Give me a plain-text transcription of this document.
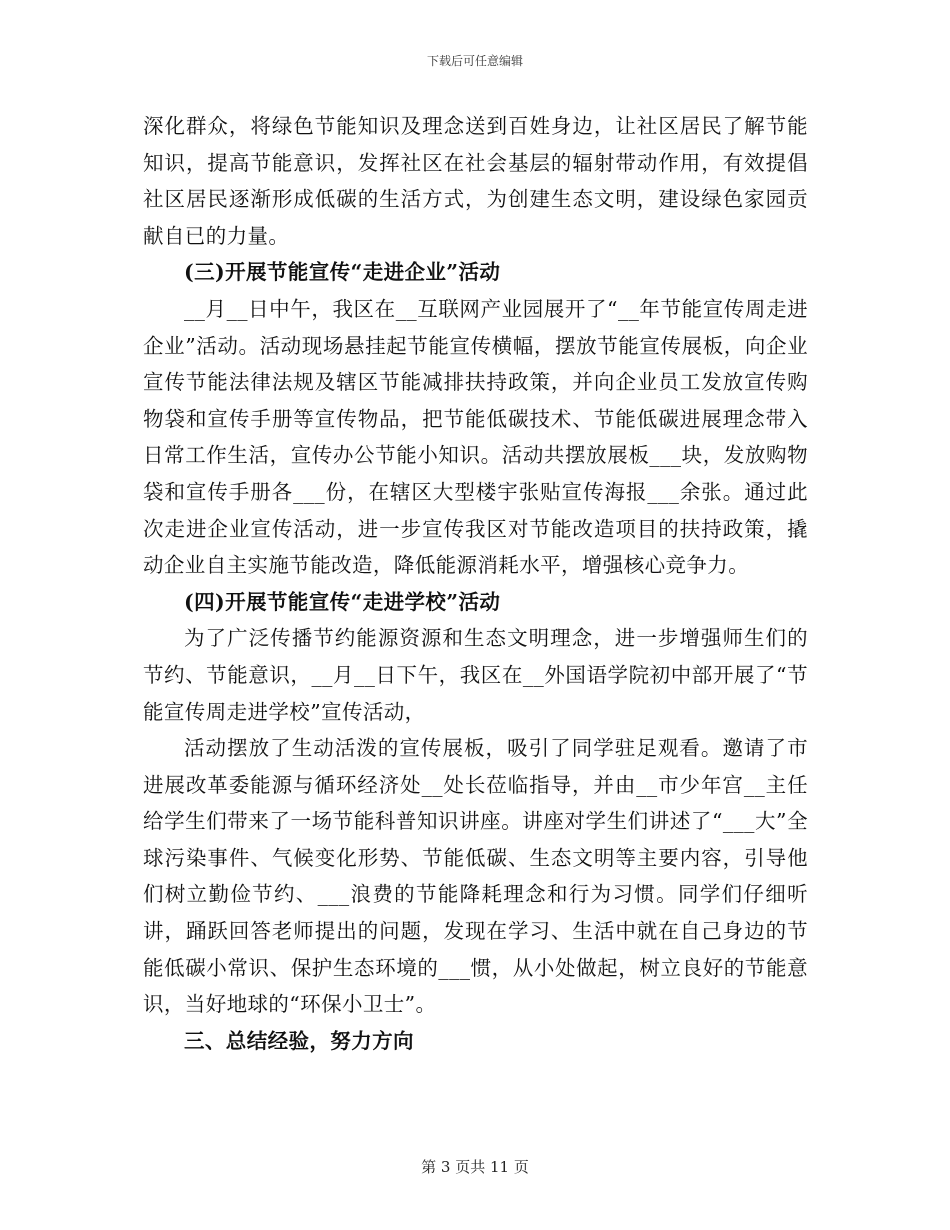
下载后可任意编辑

深化群众，将绿色节能知识及理念送到百姓身边，让社区居民了解节能知识，提高节能意识，发挥社区在社会基层的辐射带动作用，有效提倡社区居民逐渐形成低碳的生活方式，为创建生态文明，建设绿色家园贡献自已的力量。

(三)开展节能宣传“走进企业”活动

__月__日中午，我区在__互联网产业园展开了“__年节能宣传周走进企业”活动。活动现场悬挂起节能宣传横幅，摆放节能宣传展板，向企业宣传节能法律法规及辖区节能减排扶持政策，并向企业员工发放宣传购物袋和宣传手册等宣传物品，把节能低碳技术、节能低碳进展理念带入日常工作生活，宣传办公节能小知识。活动共摆放展板___块，发放购物袋和宣传手册各___份，在辖区大型楼宇张贴宣传海报___余张。通过此次走进企业宣传活动，进一步宣传我区对节能改造项目的扶持政策，撬动企业自主实施节能改造，降低能源消耗水平，增强核心竞争力。

(四)开展节能宣传“走进学校”活动

为了广泛传播节约能源资源和生态文明理念，进一步增强师生们的节约、节能意识，__月__日下午，我区在__外国语学院初中部开展了“节能宣传周走进学校”宣传活动，

活动摆放了生动活泼的宣传展板，吸引了同学驻足观看。邀请了市进展改革委能源与循环经济处__处长莅临指导，并由__市少年宫__主任给学生们带来了一场节能科普知识讲座。讲座对学生们讲述了“___大”全球污染事件、气候变化形势、节能低碳、生态文明等主要内容，引导他们树立勤俭节约、___浪费的节能降耗理念和行为习惯。同学们仔细听讲，踊跃回答老师提出的问题，发现在学习、生活中就在自己身边的节能低碳小常识、保护生态环境的___惯，从小处做起，树立良好的节能意识，当好地球的“环保小卫士”。

三、总结经验，努力方向

第 3 页共 11 页
